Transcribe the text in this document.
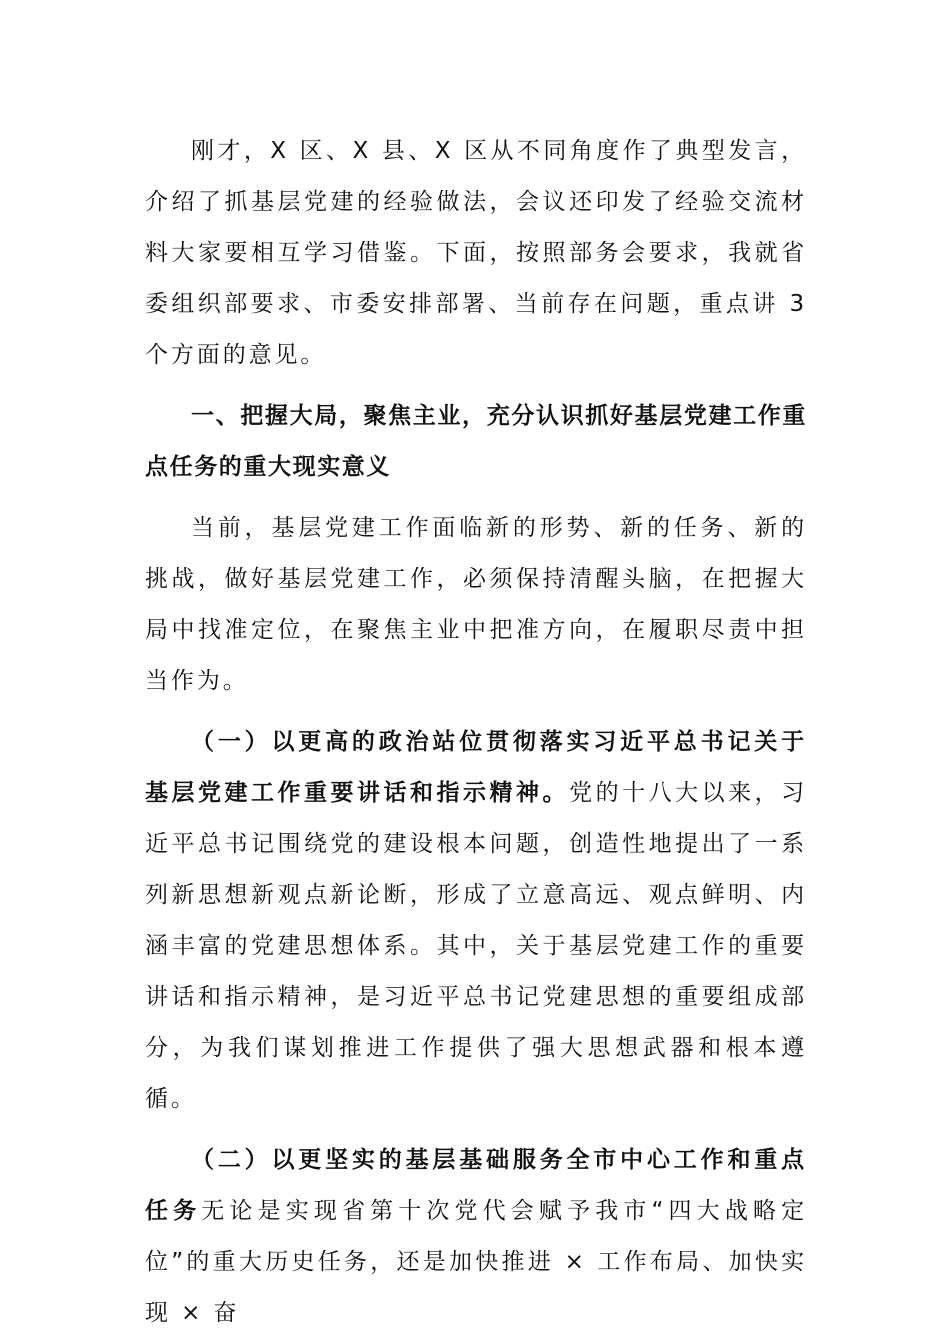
刚才，X 区、X 县、X 区从不同角度作了典型发言，介绍了抓基层党建的经验做法，会议还印发了经验交流材料大家要相互学习借鉴。下面，按照部务会要求，我就省委组织部要求、市委安排部署、当前存在问题，重点讲 3 个方面的意见。

一、把握大局，聚焦主业，充分认识抓好基层党建工作重点任务的重大现实意义

当前，基层党建工作面临新的形势、新的任务、新的挑战，做好基层党建工作，必须保持清醒头脑，在把握大局中找准定位，在聚焦主业中把准方向，在履职尽责中担当作为。

（一）以更高的政治站位贯彻落实习近平总书记关于基层党建工作重要讲话和指示精神。党的十八大以来，习近平总书记围绕党的建设根本问题，创造性地提出了一系列新思想新观点新论断，形成了立意高远、观点鲜明、内涵丰富的党建思想体系。其中，关于基层党建工作的重要讲话和指示精神，是习近平总书记党建思想的重要组成部分，为我们谋划推进工作提供了强大思想武器和根本遵循。

（二）以更坚实的基层基础服务全市中心工作和重点任务无论是实现省第十次党代会赋予我市“四大战略定位”的重大历史任务，还是加快推进 × 工作布局、加快实现 × 奋
